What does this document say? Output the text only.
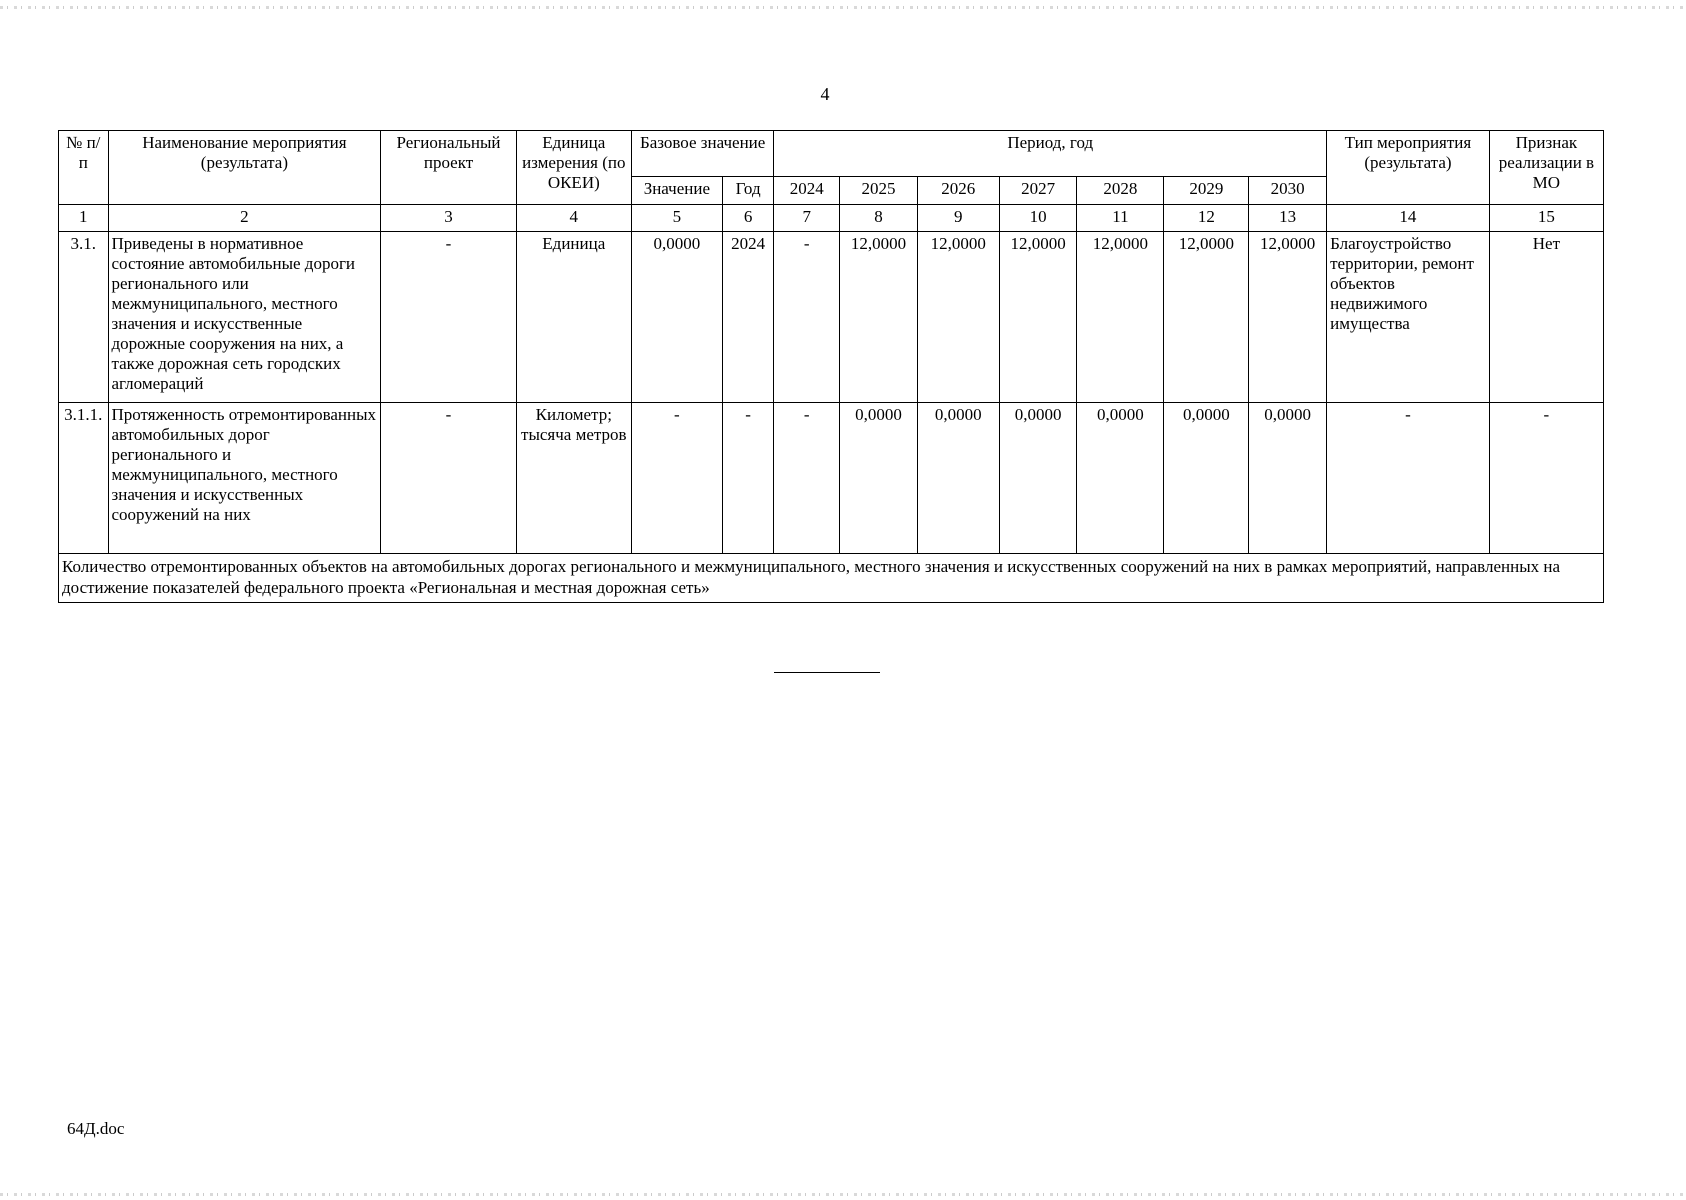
4
№ п/п	Наименование мероприятия (результата)	Региональный проект	Единица измерения (по ОКЕИ)	Базовое значение		Период, год							Тип мероприятия (результата)	Признак реализации в МО
				Значение	Год	2024	2025	2026	2027	2028	2029	2030		
1	2	3	4	5	6	7	8	9	10	11	12	13	14	15
3.1.	Приведены в нормативное состояние автомобильные дороги регионального или межмуниципального, местного значения и искусственные дорожные сооружения на них, а также дорожная сеть городских агломераций	-	Единица	0,0000	2024	-	12,0000	12,0000	12,0000	12,0000	12,0000	12,0000	Благоустройство территории, ремонт объектов недвижимого имущества	Нет
3.1.1.	Протяженность отремонтированных автомобильных дорог регионального и межмуниципального, местного значения и искусственных сооружений на них	-	Километр; тысяча метров	-	-	-	0,0000	0,0000	0,0000	0,0000	0,0000	0,0000	-	-
Количество отремонтированных объектов на автомобильных дорогах регионального и межмуниципального, местного значения и искусственных сооружений на них в рамках мероприятий, направленных на достижение показателей федерального проекта «Региональная и местная дорожная сеть»														
64Д.doc
